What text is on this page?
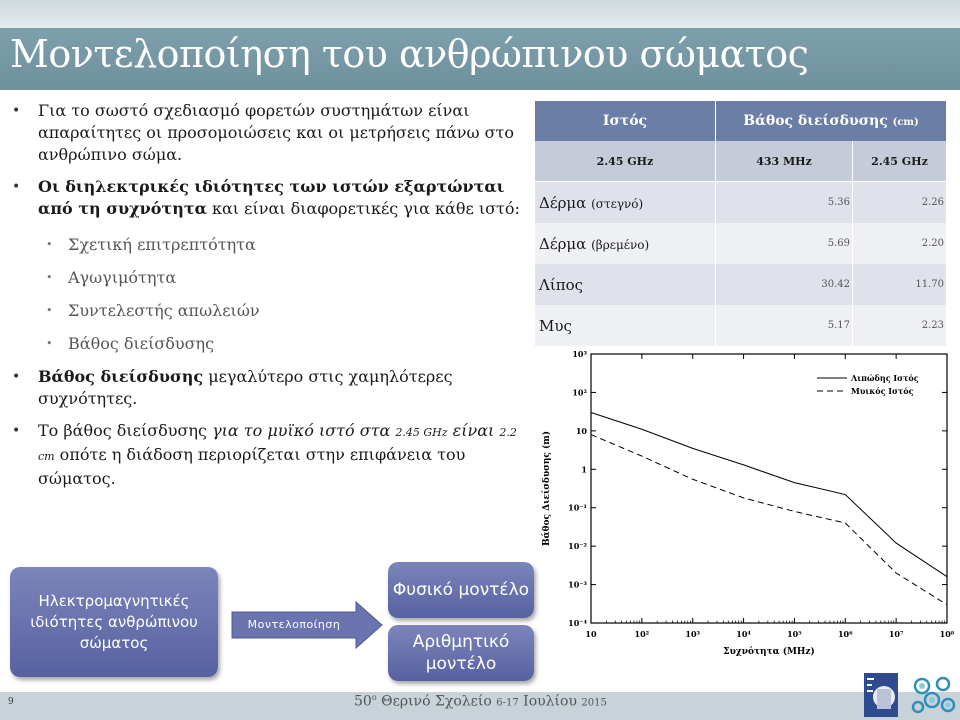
Μοντελοποίηση του ανθρώπινου σώματος
• Για το σωστό σχεδιασμό φορετών συστημάτων είναι απαραίτητες οι προσομοιώσεις και οι μετρήσεις πάνω στο ανθρώπινο σώμα.
• Οι διηλεκτρικές ιδιότητες των ιστών εξαρτώνται από τη συχνότητα και είναι διαφορετικές για κάθε ιστό:
• Σχετική επιτρεπτότητα
• Αγωγιμότητα
• Συντελεστής απωλειών
• Βάθος διείσδυσης
• Βάθος διείσδυσης μεγαλύτερο στις χαμηλότερες συχνότητες.
• Το βάθος διείσδυσης για το μυϊκό ιστό στα 2.45 GHz είναι 2.2 cm οπότε η διάδοση περιορίζεται στην επιφάνεια του σώματος.
Ιστός	Βάθος διείσδυσης (cm)	
2.45 GHz	433 MHz	2.45 GHz
Δέρμα (στεγνό)	5.36	2.26
Δέρμα (βρεμένο)	5.69	2.20
Λίπος	30.42	11.70
Μυς	5.17	2.23
10	10²	10³	10⁴	10⁵	10⁶	10⁷	10⁸
10³
10²
10
1
10⁻¹
10⁻²
10⁻³
10⁻⁴
Συχνότητα (MHz)
Βάθος Διείσδυσης (m)
Λιπώδης Ιστός
Μυικός Ιστός
Ηλεκτρομαγνητικές ιδιότητες ανθρώπινου σώματος
Μοντελοποίηση
Φυσικό μοντέλο
Αριθμητικό μοντέλο
9	$50^o$ Θερινό Σχολείο 6-17 Ιουλίου 2015
